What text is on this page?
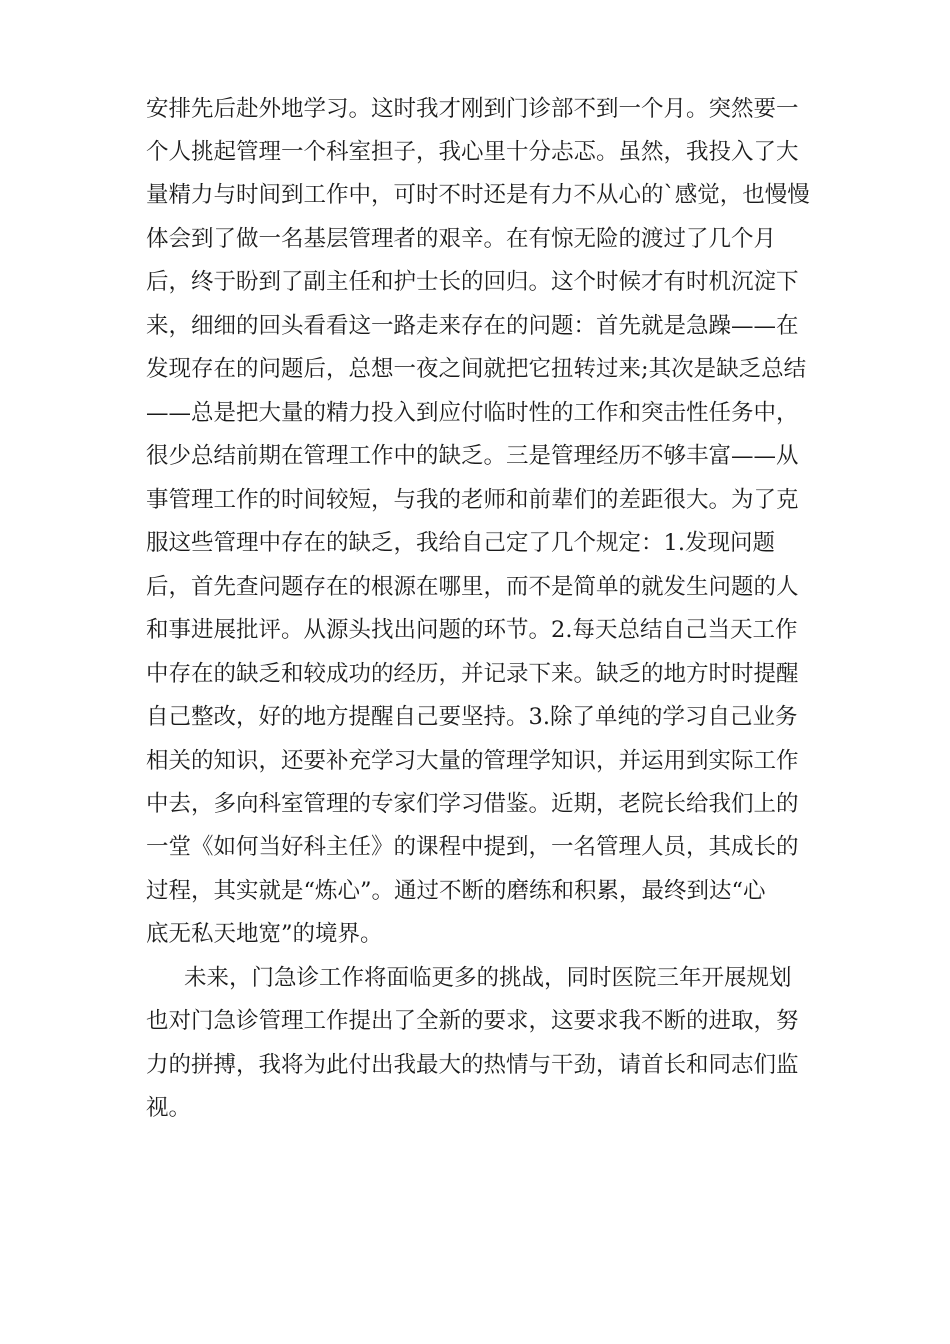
安排先后赴外地学习。这时我才刚到门诊部不到一个月。突然要一
个人挑起管理一个科室担子，我心里十分忐忑。虽然，我投入了大
量精力与时间到工作中，可时不时还是有力不从心的`感觉，也慢慢
体会到了做一名基层管理者的艰辛。在有惊无险的渡过了几个月
后，终于盼到了副主任和护士长的回归。这个时候才有时机沉淀下
来，细细的回头看看这一路走来存在的问题：首先就是急躁——在
发现存在的问题后，总想一夜之间就把它扭转过来;其次是缺乏总结
——总是把大量的精力投入到应付临时性的工作和突击性任务中，
很少总结前期在管理工作中的缺乏。三是管理经历不够丰富——从
事管理工作的时间较短，与我的老师和前辈们的差距很大。为了克
服这些管理中存在的缺乏，我给自己定了几个规定：1.发现问题
后，首先查问题存在的根源在哪里，而不是简单的就发生问题的人
和事进展批评。从源头找出问题的环节。2.每天总结自己当天工作
中存在的缺乏和较成功的经历，并记录下来。缺乏的地方时时提醒
自己整改，好的地方提醒自己要坚持。3.除了单纯的学习自己业务
相关的知识，还要补充学习大量的管理学知识，并运用到实际工作
中去，多向科室管理的专家们学习借鉴。近期，老院长给我们上的
一堂《如何当好科主任》的课程中提到，一名管理人员，其成长的
过程，其实就是“炼心”。通过不断的磨练和积累，最终到达“心
底无私天地宽”的境界。
未来，门急诊工作将面临更多的挑战，同时医院三年开展规划
也对门急诊管理工作提出了全新的要求，这要求我不断的进取，努
力的拼搏，我将为此付出我最大的热情与干劲，请首长和同志们监
视。
